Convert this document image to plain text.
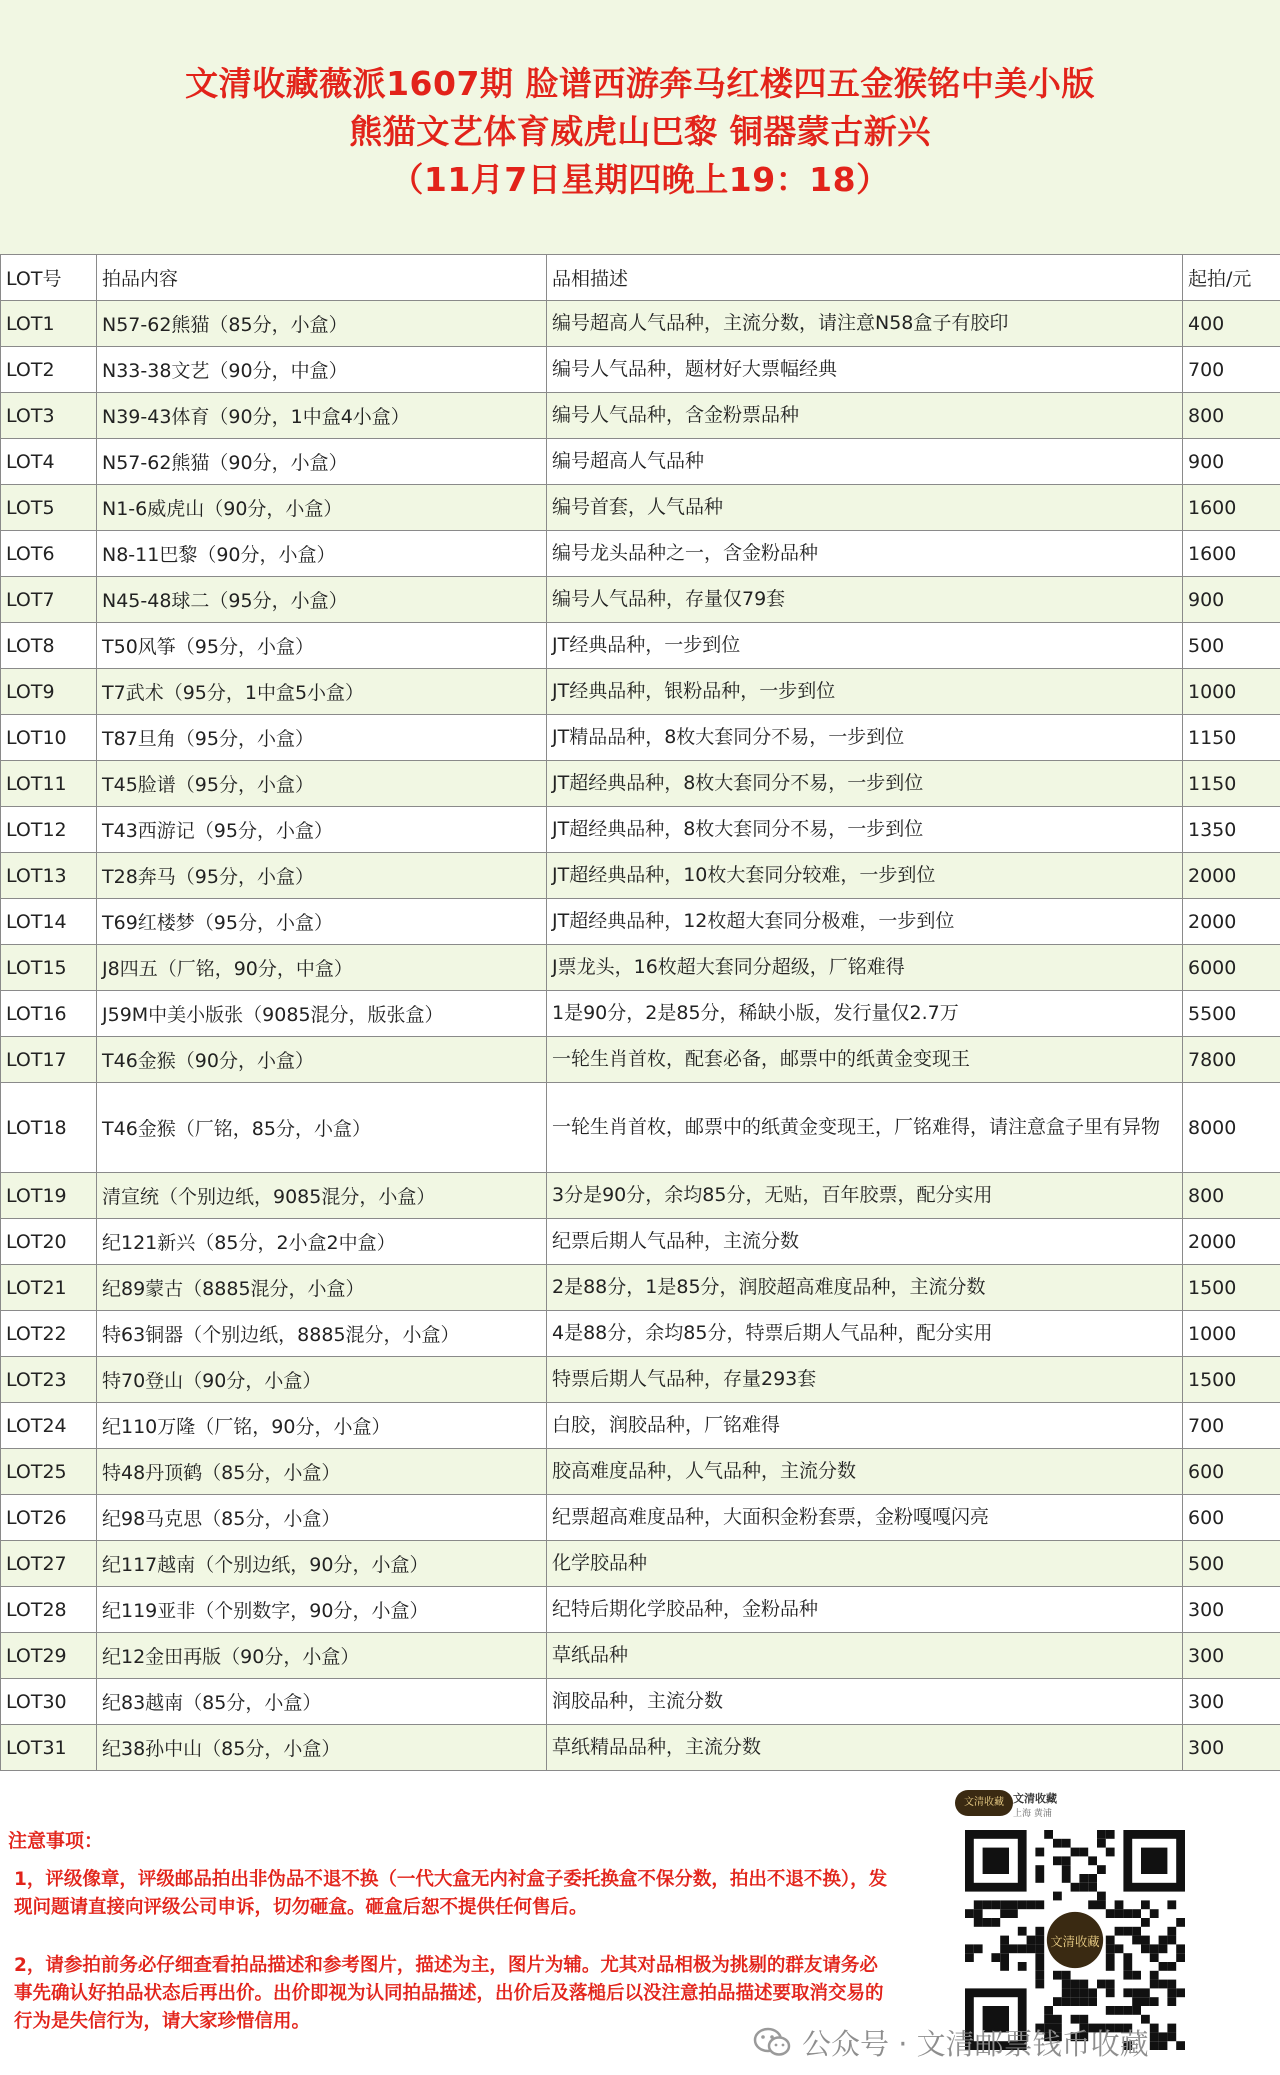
文清收藏薇派1607期 脸谱西游奔马红楼四五金猴铭中美小版
熊猫文艺体育威虎山巴黎 铜器蒙古新兴
（11月7日星期四晚上19：18）
LOT号	拍品内容	品相描述	起拍/元
LOT1	N57-62熊猫（85分，小盒）	编号超高人气品种，主流分数，请注意N58盒子有胶印	400
LOT2	N33-38文艺（90分，中盒）	编号人气品种，题材好大票幅经典	700
LOT3	N39-43体育（90分，1中盒4小盒）	编号人气品种，含金粉票品种	800
LOT4	N57-62熊猫（90分，小盒）	编号超高人气品种	900
LOT5	N1-6威虎山（90分，小盒）	编号首套，人气品种	1600
LOT6	N8-11巴黎（90分，小盒）	编号龙头品种之一，含金粉品种	1600
LOT7	N45-48球二（95分，小盒）	编号人气品种，存量仅79套	900
LOT8	T50风筝（95分，小盒）	JT经典品种，一步到位	500
LOT9	T7武术（95分，1中盒5小盒）	JT经典品种，银粉品种，一步到位	1000
LOT10	T87旦角（95分，小盒）	JT精品品种，8枚大套同分不易，一步到位	1150
LOT11	T45脸谱（95分，小盒）	JT超经典品种，8枚大套同分不易，一步到位	1150
LOT12	T43西游记（95分，小盒）	JT超经典品种，8枚大套同分不易，一步到位	1350
LOT13	T28奔马（95分，小盒）	JT超经典品种，10枚大套同分较难，一步到位	2000
LOT14	T69红楼梦（95分，小盒）	JT超经典品种，12枚超大套同分极难，一步到位	2000
LOT15	J8四五（厂铭，90分，中盒）	J票龙头，16枚超大套同分超级，厂铭难得	6000
LOT16	J59M中美小版张（9085混分，版张盒）	1是90分，2是85分，稀缺小版，发行量仅2.7万	5500
LOT17	T46金猴（90分，小盒）	一轮生肖首枚，配套必备，邮票中的纸黄金变现王	7800
LOT18	T46金猴（厂铭，85分，小盒）	一轮生肖首枚，邮票中的纸黄金变现王，厂铭难得，请注意盒子里有异物	8000
LOT19	清宣统（个别边纸，9085混分，小盒）	3分是90分，余均85分，无贴，百年胶票，配分实用	800
LOT20	纪121新兴（85分，2小盒2中盒）	纪票后期人气品种，主流分数	2000
LOT21	纪89蒙古（8885混分，小盒）	2是88分，1是85分，润胶超高难度品种，主流分数	1500
LOT22	特63铜器（个别边纸，8885混分，小盒）	4是88分，余均85分，特票后期人气品种，配分实用	1000
LOT23	特70登山（90分，小盒）	特票后期人气品种，存量293套	1500
LOT24	纪110万隆（厂铭，90分，小盒）	白胶，润胶品种，厂铭难得	700
LOT25	特48丹顶鹤（85分，小盒）	胶高难度品种，人气品种，主流分数	600
LOT26	纪98马克思（85分，小盒）	纪票超高难度品种，大面积金粉套票，金粉嘎嘎闪亮	600
LOT27	纪117越南（个别边纸，90分，小盒）	化学胶品种	500
LOT28	纪119亚非（个别数字，90分，小盒）	纪特后期化学胶品种，金粉品种	300
LOT29	纪12金田再版（90分，小盒）	草纸品种	300
LOT30	纪83越南（85分，小盒）	润胶品种，主流分数	300
LOT31	纪38孙中山（85分，小盒）	草纸精品品种，主流分数	300
注意事项：
1，评级像章，评级邮品拍出非伪品不退不换（一代大盒无内衬盒子委托换盒不保分数，拍出不退不换），发现问题请直接向评级公司申诉，切勿砸盒。砸盒后恕不提供任何售后。
2，请参拍前务必仔细查看拍品描述和参考图片，描述为主，图片为辅。尤其对品相极为挑剔的群友请务必事先确认好拍品状态后再出价。出价即视为认同拍品描述，出价后及落槌后以没注意拍品描述要取消交易的行为是失信行为，请大家珍惜信用。
文清收藏 文清收藏
上海 黄浦
文清收藏
公众号 · 文清邮票钱币收藏
